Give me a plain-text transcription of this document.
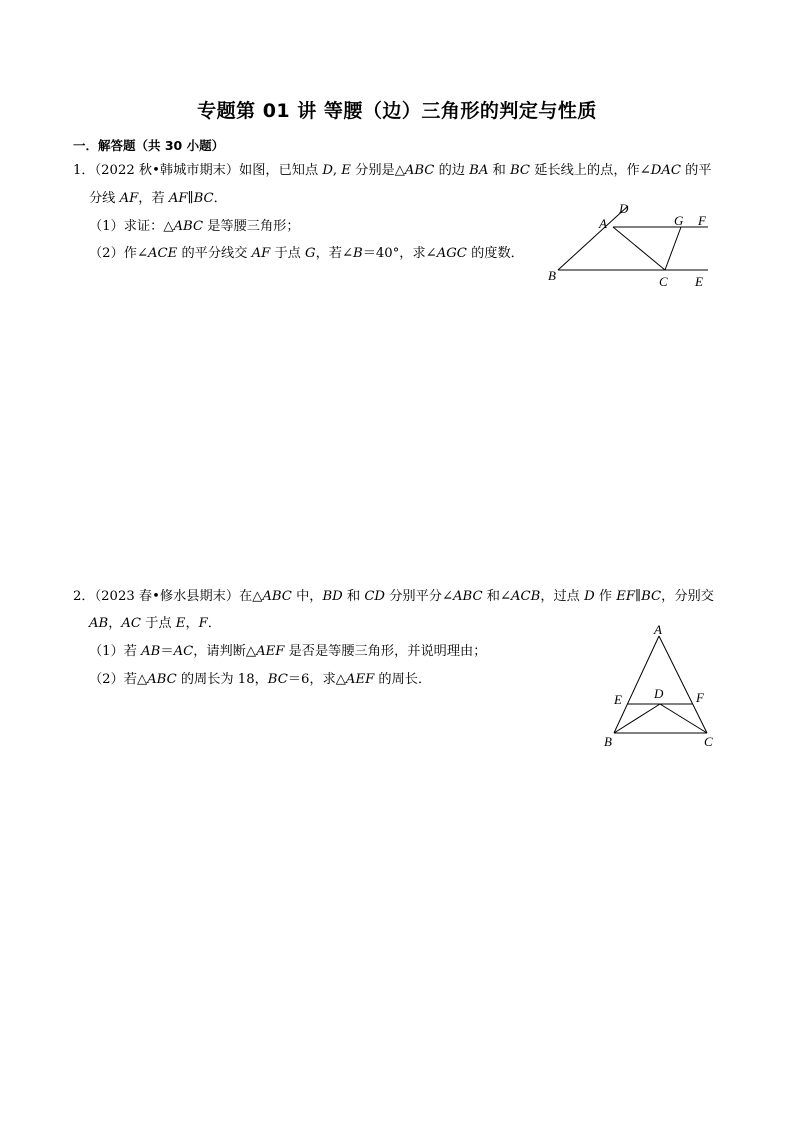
专题第 01 讲 等腰（边）三角形的判定与性质
一．解答题（共 30 小题）
1．（2022 秋•韩城市期末）如图，已知点 D, E 分别是△ABC 的边 BA 和 BC 延长线上的点，作∠DAC 的平
分线 AF，若 AF∥BC．
（1）求证：△ABC 是等腰三角形；
（2）作∠ACE 的平分线交 AF 于点 G，若∠B＝40°，求∠AGC 的度数．
A
D
G F
B	C E
2．（2023 春•修水县期末）在△ABC 中，BD 和 CD 分别平分∠ABC 和∠ACB，过点 D 作 EF∥BC，分别交
AB，AC 于点 E，F．
（1）若 AB＝AC，请判断△AEF 是否是等腰三角形，并说明理由；
（2）若△ABC 的周长为 18，BC＝6，求△AEF 的周长．
A
E D	F
B	C
